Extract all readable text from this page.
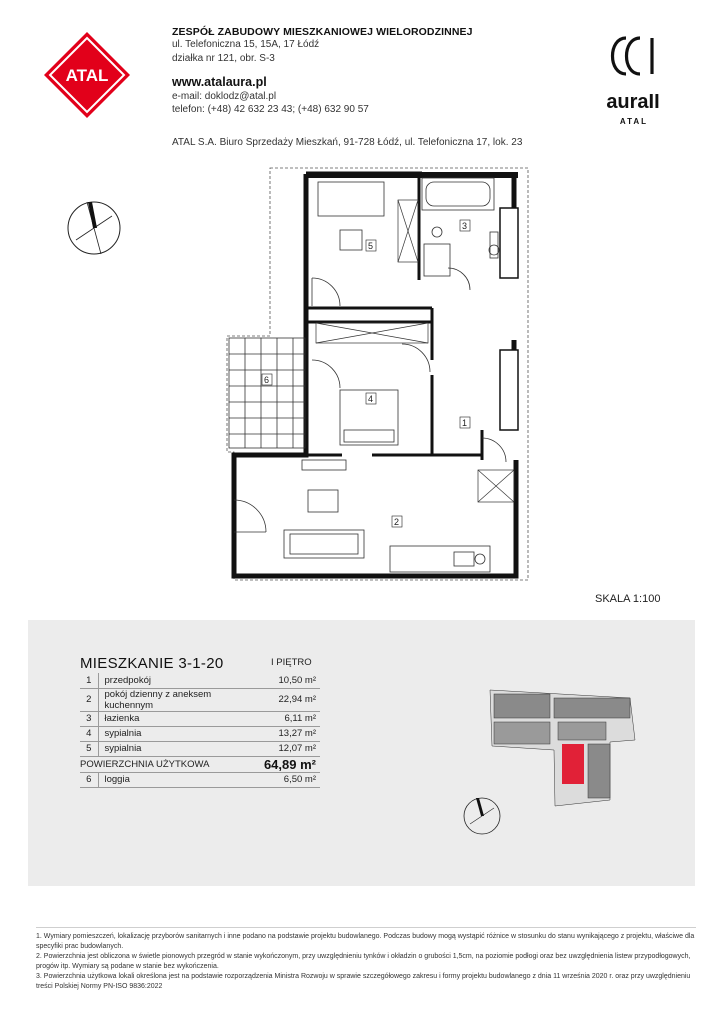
ATAL
ZESPÓŁ ZABUDOWY MIESZKANIOWEJ WIELORODZINNEJ
ul. Telefoniczna 15, 15A, 17 Łódź
działka nr 121, obr. S-3
www.atalaura.pl
e-mail: doklodz@atal.pl
telefon: (+48) 42 632 23 43; (+48) 632 90 57
ATAL S.A. Biuro Sprzedaży Mieszkań, 91-728 Łódź, ul. Telefoniczna 17, lok. 23
auraII
ATAL
1
2
3
4
5
6
SKALA 1:100
MIESZKANIE 3-1-20	I PIĘTRO
1	przedpokój	10,50 m²
2	pokój dzienny z aneksem kuchennym	22,94 m²
3	łazienka	6,11 m²
4	sypialnia	13,27 m²
5	sypialnia	12,07 m²
POWIERZCHNIA UŻYTKOWA		64,89 m²
6	loggia	6,50 m²
1. Wymiary pomieszczeń, lokalizację przyborów sanitarnych i inne podano na podstawie projektu budowlanego. Podczas budowy mogą wystąpić różnice w stosunku do stanu wynikającego z projektu, właściwe dla specyfiki prac budowlanych.
2. Powierzchnia jest obliczona w świetle pionowych przegród w stanie wykończonym, przy uwzględnieniu tynków i okładzin o grubości 1,5cm, na poziomie podłogi oraz bez uwzględnienia listew przypodłogowych, progów itp. Wymiary są podane w stanie bez wykończenia.
3. Powierzchnia użytkowa lokali określona jest na podstawie rozporządzenia Ministra Rozwoju w sprawie szczegółowego zakresu i formy projektu budowlanego z dnia 11 września 2020 r. oraz przy uwzględnieniu treści Polskiej Normy PN-ISO 9836:2022
